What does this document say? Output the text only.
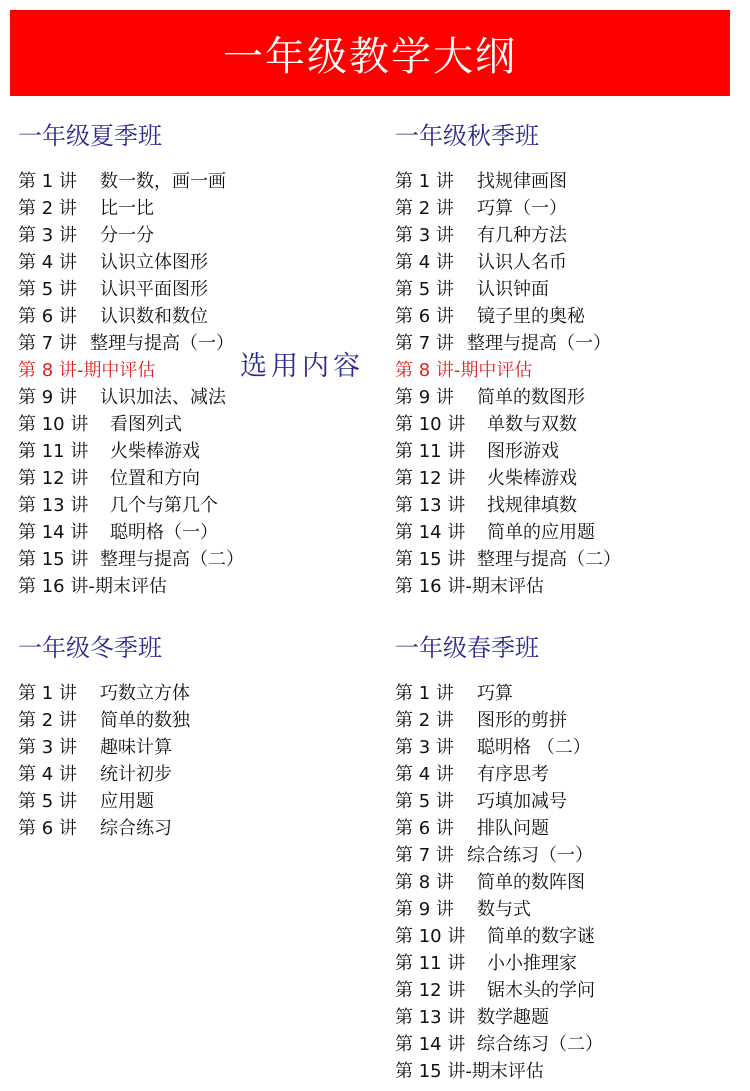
一年级教学大纲
一年级夏季班
第 1 讲 数一数，画一画
第 2 讲 比一比
第 3 讲 分一分
第 4 讲 认识立体图形
第 5 讲 认识平面图形
第 6 讲 认识数和数位
第 7 讲 整理与提高（一）
第 8 讲-期中评估
第 9 讲 认识加法、减法
第 10 讲 看图列式
第 11 讲 火柴棒游戏
第 12 讲 位置和方向
第 13 讲 几个与第几个
第 14 讲 聪明格（一）
第 15 讲 整理与提高（二）
第 16 讲-期末评估
一年级秋季班
第 1 讲 找规律画图
第 2 讲 巧算（一）
第 3 讲 有几种方法
第 4 讲 认识人名币
第 5 讲 认识钟面
第 6 讲 镜子里的奥秘
第 7 讲 整理与提高（一）
第 8 讲-期中评估
第 9 讲 简单的数图形
第 10 讲 单数与双数
第 11 讲 图形游戏
第 12 讲 火柴棒游戏
第 13 讲 找规律填数
第 14 讲 简单的应用题
第 15 讲 整理与提高（二）
第 16 讲-期末评估
选用内容
一年级冬季班
第 1 讲 巧数立方体
第 2 讲 简单的数独
第 3 讲 趣味计算
第 4 讲 统计初步
第 5 讲 应用题
第 6 讲 综合练习
一年级春季班
第 1 讲 巧算
第 2 讲 图形的剪拼
第 3 讲 聪明格 （二）
第 4 讲 有序思考
第 5 讲 巧填加减号
第 6 讲 排队问题
第 7 讲 综合练习（一）
第 8 讲 简单的数阵图
第 9 讲 数与式
第 10 讲 简单的数字谜
第 11 讲 小小推理家
第 12 讲 锯木头的学问
第 13 讲 数学趣题
第 14 讲 综合练习（二）
第 15 讲-期末评估
